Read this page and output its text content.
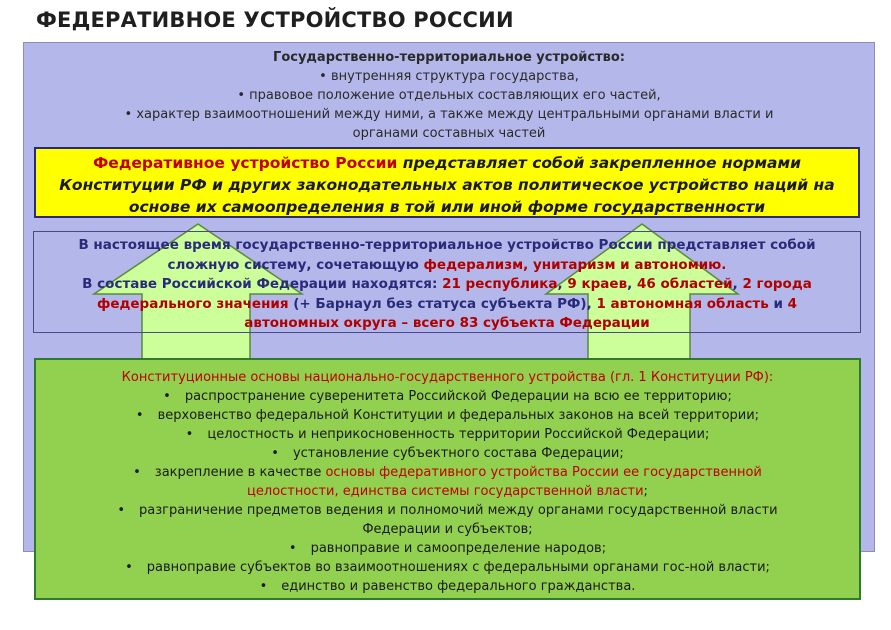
ФЕДЕРАТИВНОЕ УСТРОЙСТВО РОССИИ
Государственно-территориальное устройство:
• внутренняя структура государства,
• правовое положение отдельных составляющих его частей,
• характер взаимоотношений между ними, а также между центральными органами власти и
органами составных частей
Федеративное устройство России представляет собой закрепленное нормами
Конституции РФ и других законодательных актов политическое устройство наций на
основе их самоопределения в той или иной форме государственности
В настоящее время государственно-территориальное устройство России представляет собой
сложную систему, сочетающую федерализм, унитаризм и автономию.
В составе Российской Федерации находятся: 21 республика, 9 краев, 46 областей, 2 города
федерального значения (+ Барнаул без статуса субъекта РФ), 1 автономная область и 4
автономных округа – всего 83 субъекта Федерации
Конституционные основы национально-государственного устройства (гл. 1 Конституции РФ):
• распространение суверенитета Российской Федерации на всю ее территорию;
• верховенство федеральной Конституции и федеральных законов на всей территории;
• целостность и неприкосновенность территории Российской Федерации;
• установление субъектного состава Федерации;
• закрепление в качестве основы федеративного устройства России ее государственной
целостности, единства системы государственной власти;
• разграничение предметов ведения и полномочий между органами государственной власти
Федерации и субъектов;
• равноправие и самоопределение народов;
• равноправие субъектов во взаимоотношениях с федеральными органами гос-ной власти;
• единство и равенство федерального гражданства.
